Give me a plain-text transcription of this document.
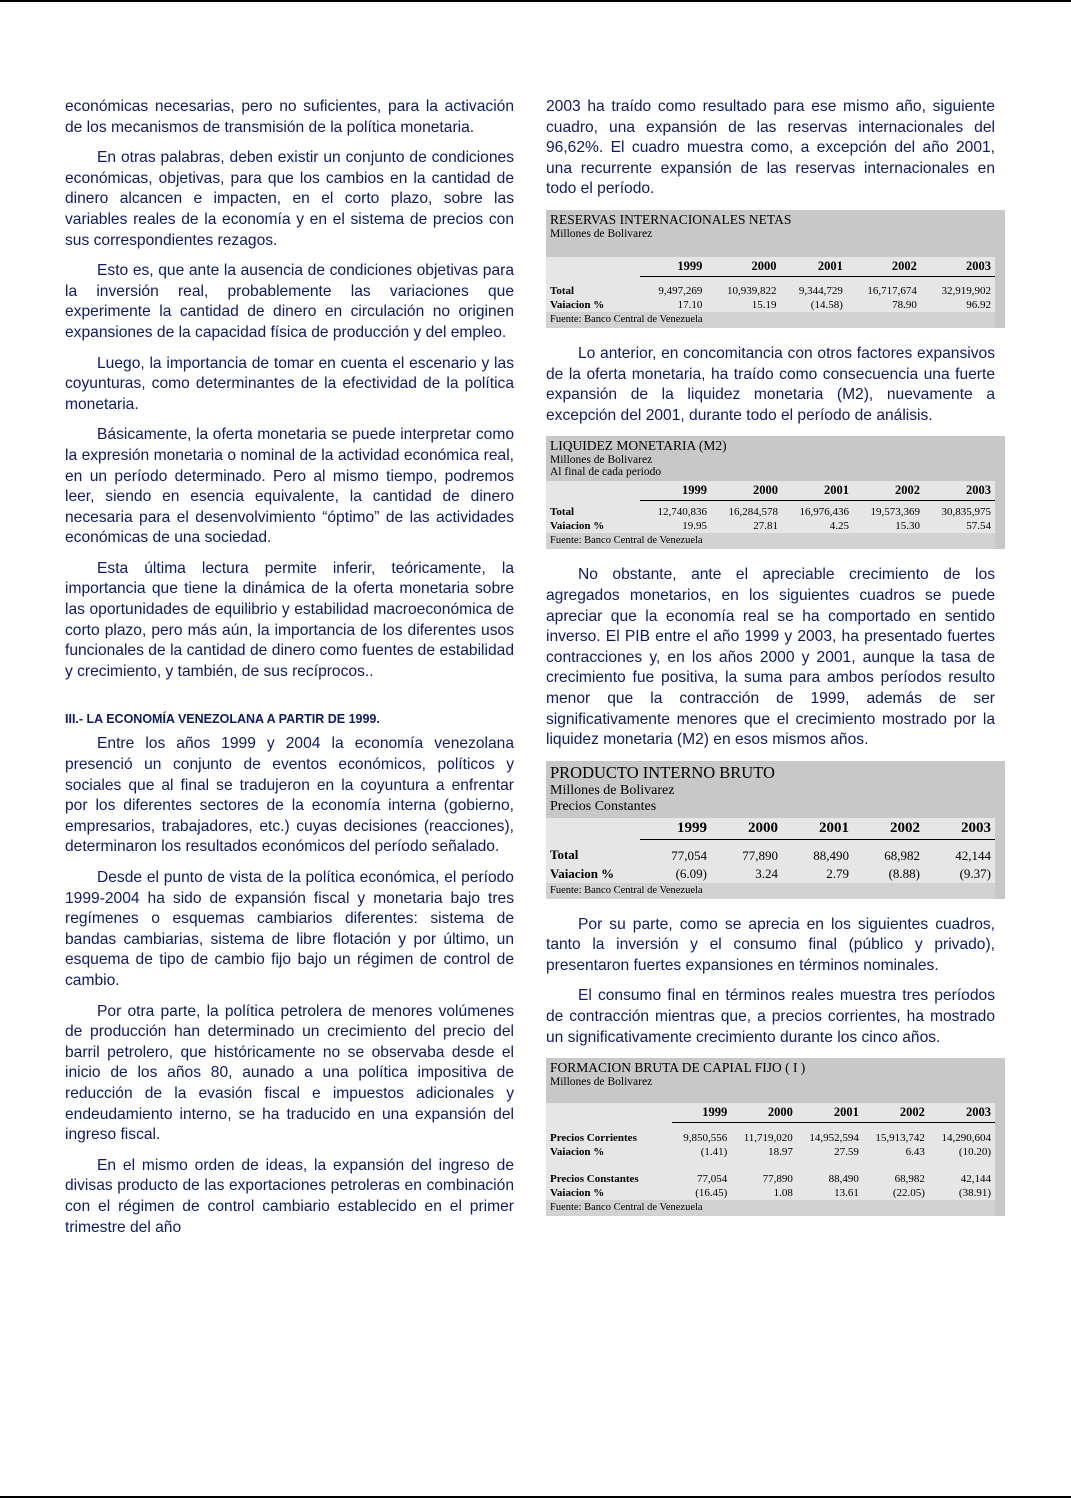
económicas necesarias, pero no suficientes, para la activación de los mecanismos de transmisión de la política monetaria.

En otras palabras, deben existir un conjunto de condiciones económicas, objetivas, para que los cambios en la cantidad de dinero alcancen e impacten, en el corto plazo, sobre las variables reales de la economía y en el sistema de precios con sus correspondientes rezagos.

Esto es, que ante la ausencia de condiciones objetivas para la inversión real, probablemente las variaciones que experimente la cantidad de dinero en circulación no originen expansiones de la capacidad física de producción y del empleo.

Luego, la importancia de tomar en cuenta el escenario y las coyunturas, como determinantes de la efectividad de la política monetaria.

Básicamente, la oferta monetaria se puede interpretar como la expresión monetaria o nominal de la actividad económica real, en un período determinado. Pero al mismo tiempo, podremos leer, siendo en esencia equivalente, la cantidad de dinero necesaria para el desenvolvimiento “óptimo” de las actividades económicas de una sociedad.

Esta última lectura permite inferir, teóricamente, la importancia que tiene la dinámica de la oferta monetaria sobre las oportunidades de equilibrio y estabilidad macroeconómica de corto plazo, pero más aún, la importancia de los diferentes usos funcionales de la cantidad de dinero como fuentes de estabilidad y crecimiento, y también, de sus recíprocos..

III.- LA ECONOMÍA VENEZOLANA A PARTIR DE 1999.

Entre los años 1999 y 2004 la economía venezolana presenció un conjunto de eventos económicos, políticos y sociales que al final se tradujeron en la coyuntura a enfrentar por los diferentes sectores de la economía interna (gobierno, empresarios, trabajadores, etc.) cuyas decisiones (reacciones), determinaron los resultados económicos del período señalado.

Desde el punto de vista de la política económica, el período 1999-2004 ha sido de expansión fiscal y monetaria bajo tres regímenes o esquemas cambiarios diferentes: sistema de bandas cambiarias, sistema de libre flotación y por último, un esquema de tipo de cambio fijo bajo un régimen de control de cambio.

Por otra parte, la política petrolera de menores volúmenes de producción han determinado un crecimiento del precio del barril petrolero, que históricamente no se observaba desde el inicio de los años 80, aunado a una política impositiva de reducción de la evasión fiscal e impuestos adicionales y endeudamiento interno, se ha traducido en una expansión del ingreso fiscal.

En el mismo orden de ideas, la expansión del ingreso de divisas producto de las exportaciones petroleras en combinación con el régimen de control cambiario establecido en el primer trimestre del año

2003 ha traído como resultado para ese mismo año, siguiente cuadro, una expansión de las reservas internacionales del 96,62%. El cuadro muestra como, a excepción del año 2001, una recurrente expansión de las reservas internacionales en todo el período.

RESERVAS INTERNACIONALES NETAS
Millones de Bolivarez
	1999	2000	2001	2002	2003
Total	9,497,269	10,939,822	9,344,729	16,717,674	32,919,902
Vaiacion %	17.10	15.19	(14.58)	78.90	96.92
Fuente: Banco Central de Venezuela

Lo anterior, en concomitancia con otros factores expansivos de la oferta monetaria, ha traído como consecuencia una fuerte expansión de la liquidez monetaria (M2), nuevamente a excepción del 2001, durante todo el período de análisis.

LIQUIDEZ MONETARIA (M2)
Millones de Bolivarez
Al final de cada periodo
	1999	2000	2001	2002	2003
Total	12,740,836	16,284,578	16,976,436	19,573,369	30,835,975
Vaiacion %	19.95	27.81	4.25	15.30	57.54
Fuente: Banco Central de Venezuela

No obstante, ante el apreciable crecimiento de los agregados monetarios, en los siguientes cuadros se puede apreciar que la economía real se ha comportado en sentido inverso. El PIB entre el año 1999 y 2003, ha presentado fuertes contracciones y, en los años 2000 y 2001, aunque la tasa de crecimiento fue positiva, la suma para ambos períodos resulto menor que la contracción de 1999, además de ser significativamente menores que el crecimiento mostrado por la liquidez monetaria (M2) en esos mismos años.

PRODUCTO INTERNO BRUTO
Millones de Bolivarez
Precios Constantes
	1999	2000	2001	2002	2003
Total	77,054	77,890	88,490	68,982	42,144
Vaiacion %	(6.09)	3.24	2.79	(8.88)	(9.37)
Fuente: Banco Central de Venezuela

Por su parte, como se aprecia en los siguientes cuadros, tanto la inversión y el consumo final (público y privado), presentaron fuertes expansiones en términos nominales.

El consumo final en términos reales muestra tres períodos de contracción mientras que, a precios corrientes, ha mostrado un significativamente crecimiento durante los cinco años.

FORMACION BRUTA DE CAPIAL FIJO ( I )
Millones de Bolivarez
	1999	2000	2001	2002	2003
Precios Corrientes	9,850,556	11,719,020	14,952,594	15,913,742	14,290,604
Vaiacion %	(1.41)	18.97	27.59	6.43	(10.20)
Precios Constantes	77,054	77,890	88,490	68,982	42,144
Vaiacion %	(16.45)	1.08	13.61	(22.05)	(38.91)
Fuente: Banco Central de Venezuela
